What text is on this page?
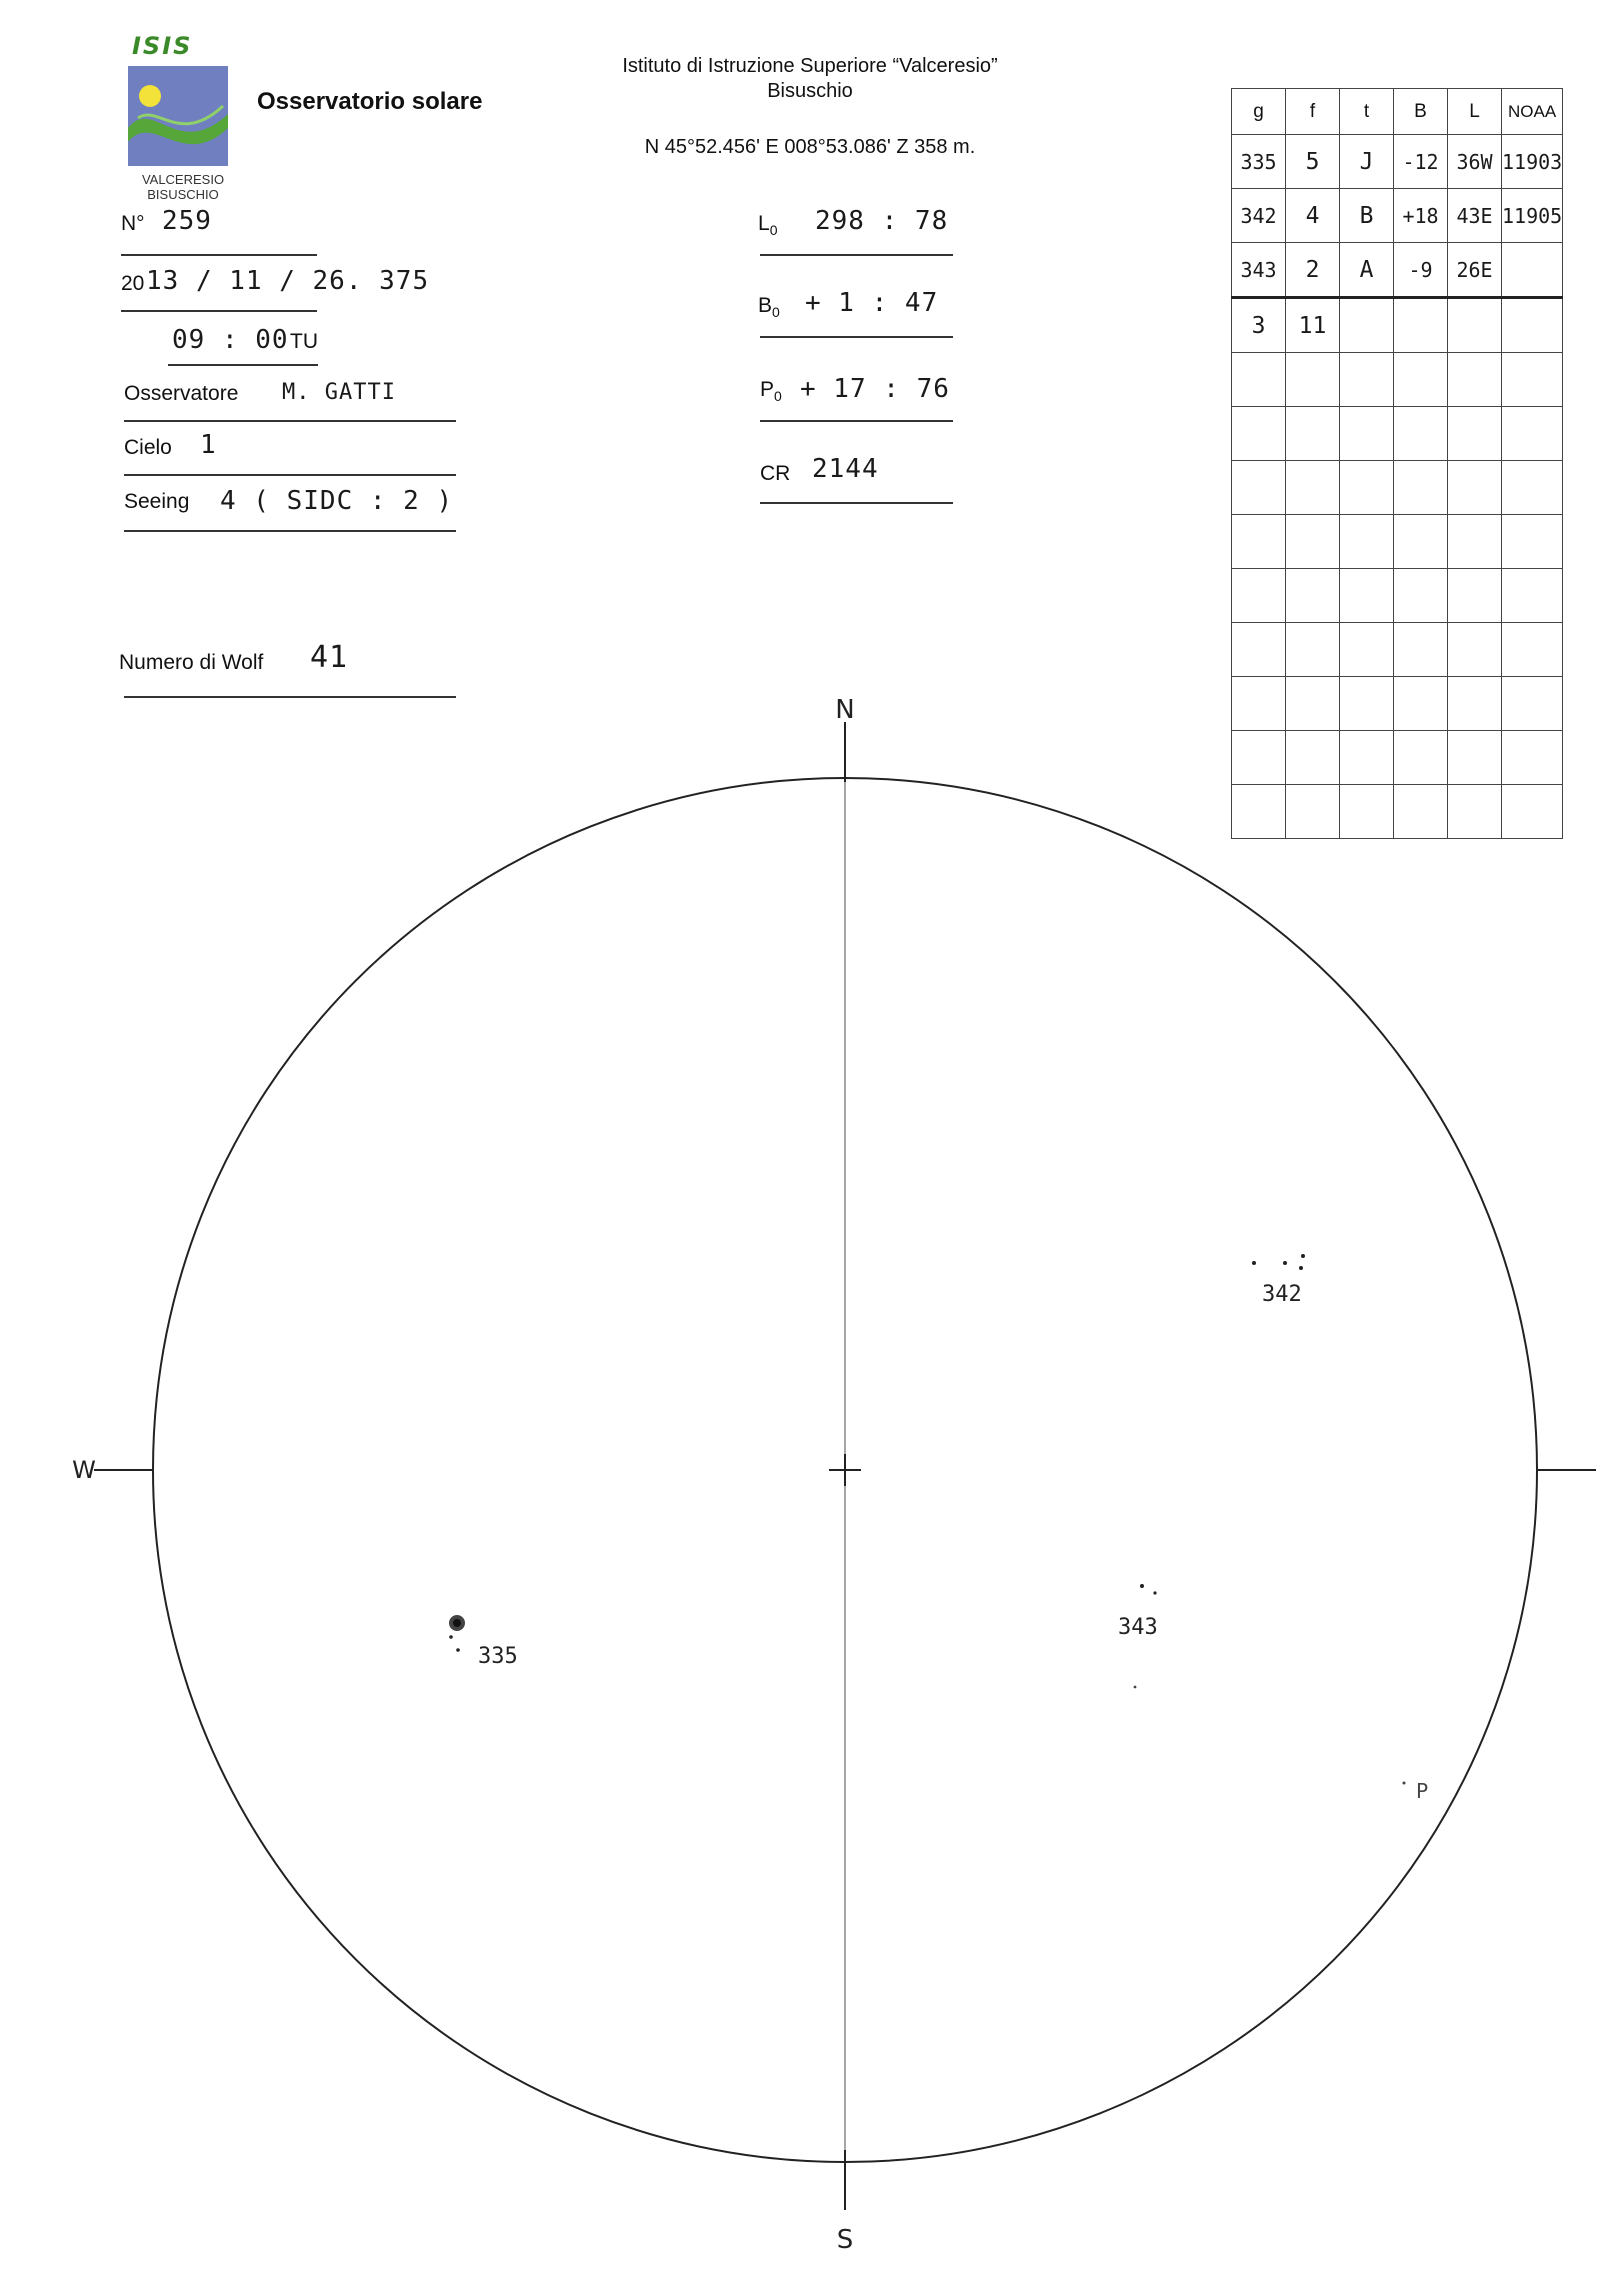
ISIS
VALCERESIO
BISUSCHIO
Osservatorio solare
Istituto di Istruzione Superiore “Valceresio”
Bisuschio
N 45°52.456' E 008°53.086' Z 358 m.
N° 259
20 13 / 11 / 26. 375
09 : 00 TU
Osservatore M. GATTI
Cielo 1
Seeing 4 ( SIDC : 2 )
Numero di Wolf 41
$L_0$ 298 : 78
$B_0 + 1$ : 47
$P_0 + 17$ : 76
CR 2144
g	f	t	B	L	NOAA
335	5	J	-12	36W	11903
342	4	B	+18	43E	11905
343	2	A	-9	26E	
3	11				

N
S
W
P
335
342
343
